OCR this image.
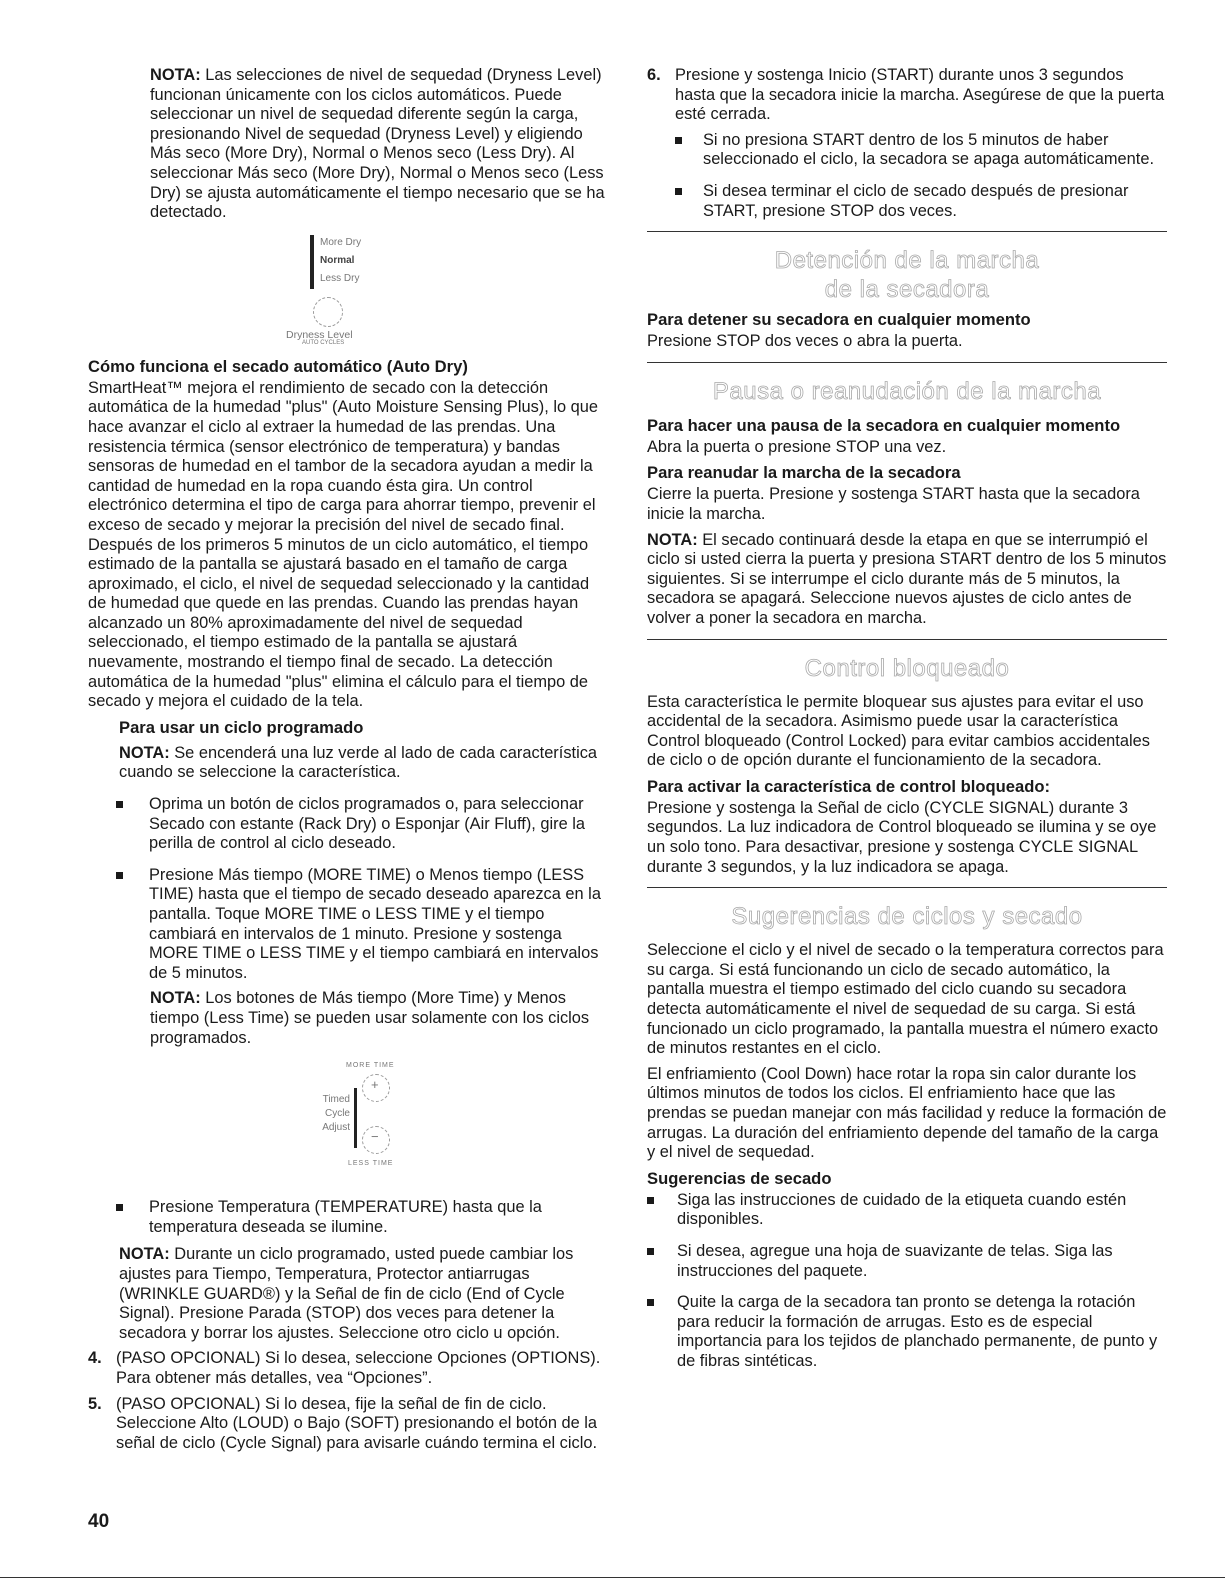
NOTA: Las selecciones de nivel de sequedad (Dryness Level) funcionan únicamente con los ciclos automáticos. Puede seleccionar un nivel de sequedad diferente según la carga, presionando Nivel de sequedad (Dryness Level) y eligiendo Más seco (More Dry), Normal o Menos seco (Less Dry). Al seleccionar Más seco (More Dry), Normal o Menos seco (Less Dry) se ajusta automáticamente el tiempo necesario que se ha detectado.

More Dry
Normal
Less Dry
Dryness Level
AUTO CYCLES
Cómo funciona el secado automático (Auto Dry)

SmartHeat™ mejora el rendimiento de secado con la detección automática de la humedad "plus" (Auto Moisture Sensing Plus), lo que hace avanzar el ciclo al extraer la humedad de las prendas. Una resistencia térmica (sensor electrónico de temperatura) y bandas sensoras de humedad en el tambor de la secadora ayudan a medir la cantidad de humedad en la ropa cuando ésta gira. Un control electrónico determina el tipo de carga para ahorrar tiempo, prevenir el exceso de secado y mejorar la precisión del nivel de secado final. Después de los primeros 5 minutos de un ciclo automático, el tiempo estimado de la pantalla se ajustará basado en el tamaño de carga aproximado, el ciclo, el nivel de sequedad seleccionado y la cantidad de humedad que quede en las prendas. Cuando las prendas hayan alcanzado un 80% aproximadamente del nivel de sequedad seleccionado, el tiempo estimado de la pantalla se ajustará nuevamente, mostrando el tiempo final de secado. La detección automática de la humedad "plus" elimina el cálculo para el tiempo de secado y mejora el cuidado de la tela.

Para usar un ciclo programado

NOTA: Se encenderá una luz verde al lado de cada característica cuando se seleccione la característica.

Oprima un botón de ciclos programados o, para seleccionar Secado con estante (Rack Dry) o Esponjar (Air Fluff), gire la perilla de control al ciclo deseado.
Presione Más tiempo (MORE TIME) o Menos tiempo (LESS TIME) hasta que el tiempo de secado deseado aparezca en la pantalla. Toque MORE TIME o LESS TIME y el tiempo cambiará en intervalos de 1 minuto. Presione y sostenga MORE TIME o LESS TIME y el tiempo cambiará en intervalos de 5 minutos.

NOTA: Los botones de Más tiempo (More Time) y Menos tiempo (Less Time) se pueden usar solamente con los ciclos programados.

MORE TIME
+
Timed
Cycle
Adjust
−
LESS TIME
Presione Temperatura (TEMPERATURE) hasta que la temperatura deseada se ilumine.

NOTA: Durante un ciclo programado, usted puede cambiar los ajustes para Tiempo, Temperatura, Protector antiarrugas (WRINKLE GUARD®) y la Señal de fin de ciclo (End of Cycle Signal). Presione Parada (STOP) dos veces para detener la secadora y borrar los ajustes. Seleccione otro ciclo u opción.

4. (PASO OPCIONAL) Si lo desea, seleccione Opciones (OPTIONS). Para obtener más detalles, vea “Opciones”.
5. (PASO OPCIONAL) Si lo desea, fije la señal de fin de ciclo. Seleccione Alto (LOUD) o Bajo (SOFT) presionando el botón de la señal de ciclo (Cycle Signal) para avisarle cuándo termina el ciclo.
6. Presione y sostenga Inicio (START) durante unos 3 segundos hasta que la secadora inicie la marcha. Asegúrese de que la puerta esté cerrada.
Si no presiona START dentro de los 5 minutos de haber seleccionado el ciclo, la secadora se apaga automáticamente.
Si desea terminar el ciclo de secado después de presionar START, presione STOP dos veces.
Detención de la marcha
de la secadora
Para detener su secadora en cualquier momento

Presione STOP dos veces o abra la puerta.

Pausa o reanudación de la marcha
Para hacer una pausa de la secadora en cualquier momento

Abra la puerta o presione STOP una vez.

Para reanudar la marcha de la secadora

Cierre la puerta. Presione y sostenga START hasta que la secadora inicie la marcha.

NOTA: El secado continuará desde la etapa en que se interrumpió el ciclo si usted cierra la puerta y presiona START dentro de los 5 minutos siguientes. Si se interrumpe el ciclo durante más de 5 minutos, la secadora se apagará. Seleccione nuevos ajustes de ciclo antes de volver a poner la secadora en marcha.

Control bloqueado

Esta característica le permite bloquear sus ajustes para evitar el uso accidental de la secadora. Asimismo puede usar la característica Control bloqueado (Control Locked) para evitar cambios accidentales de ciclo o de opción durante el funcionamiento de la secadora.

Para activar la característica de control bloqueado:

Presione y sostenga la Señal de ciclo (CYCLE SIGNAL) durante 3 segundos. La luz indicadora de Control bloqueado se ilumina y se oye un solo tono. Para desactivar, presione y sostenga CYCLE SIGNAL durante 3 segundos, y la luz indicadora se apaga.

Sugerencias de ciclos y secado

Seleccione el ciclo y el nivel de secado o la temperatura correctos para su carga. Si está funcionando un ciclo de secado automático, la pantalla muestra el tiempo estimado del ciclo cuando su secadora detecta automáticamente el nivel de sequedad de su carga. Si está funcionado un ciclo programado, la pantalla muestra el número exacto de minutos restantes en el ciclo.

El enfriamiento (Cool Down) hace rotar la ropa sin calor durante los últimos minutos de todos los ciclos. El enfriamiento hace que las prendas se puedan manejar con más facilidad y reduce la formación de arrugas. La duración del enfriamiento depende del tamaño de la carga y el nivel de sequedad.

Sugerencias de secado
Siga las instrucciones de cuidado de la etiqueta cuando estén disponibles.
Si desea, agregue una hoja de suavizante de telas. Siga las instrucciones del paquete.
Quite la carga de la secadora tan pronto se detenga la rotación para reducir la formación de arrugas. Esto es de especial importancia para los tejidos de planchado permanente, de punto y de fibras sintéticas.
40
